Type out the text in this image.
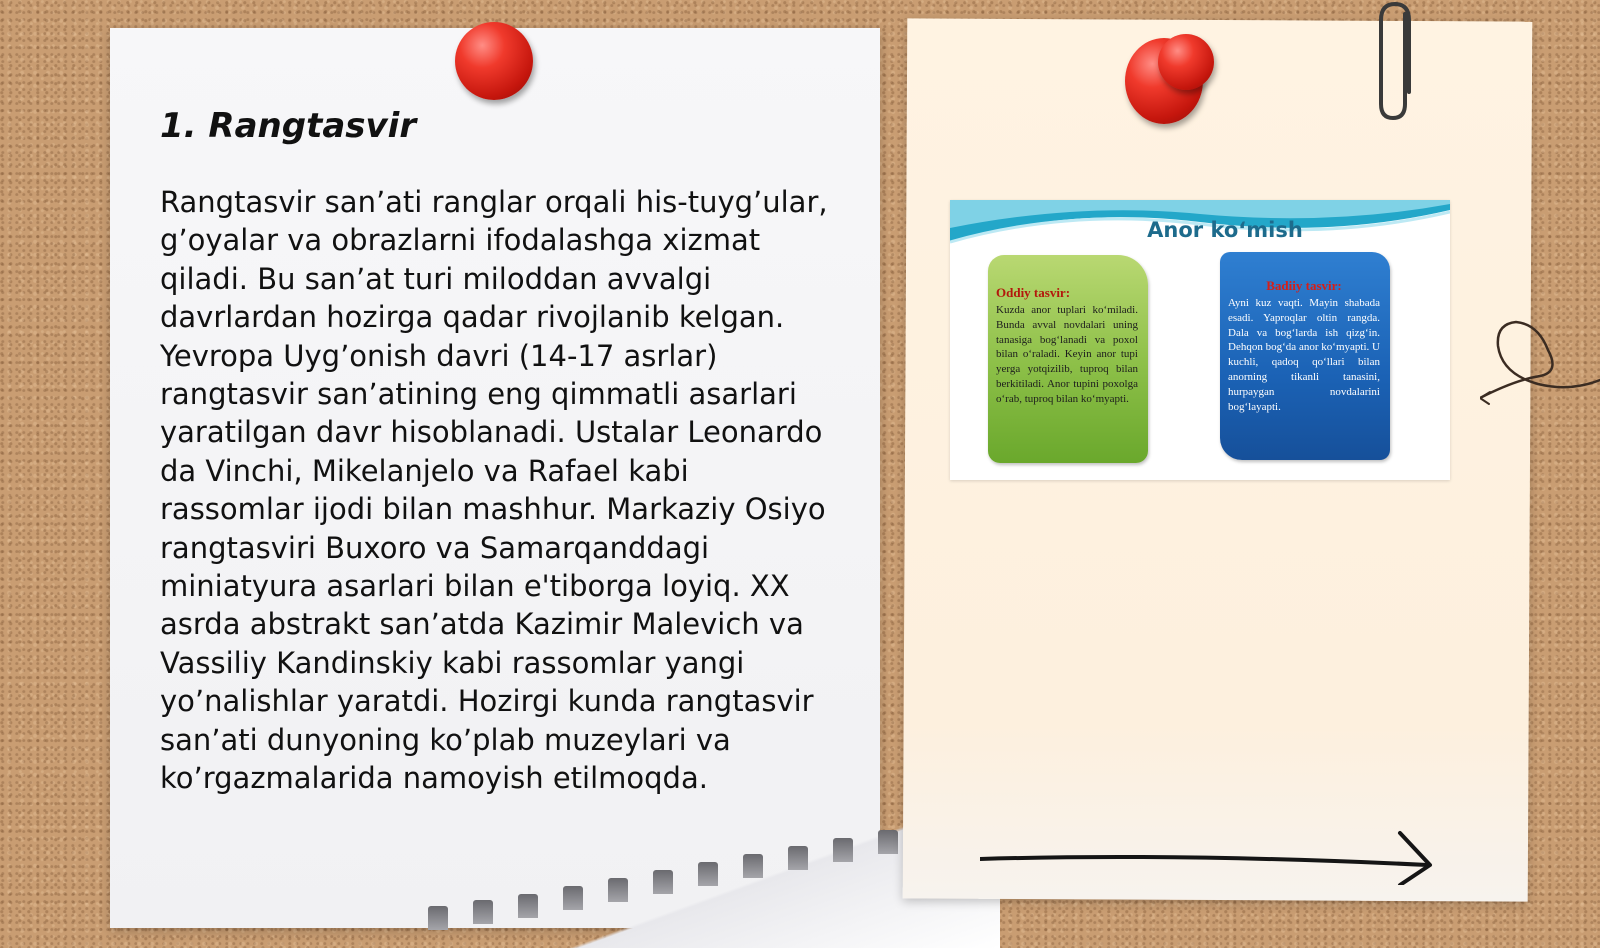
1. Rangtasvir

Rangtasvir san’ati ranglar orqali his-tuyg’ular, g’oyalar va obrazlarni ifodalashga xizmat qiladi. Bu san’at turi miloddan avvalgi davrlardan hozirga qadar rivojlanib kelgan. Yevropa Uyg’onish davri (14-17 asrlar) rangtasvir san’atining eng qimmatli asarlari yaratilgan davr hisoblanadi. Ustalar Leonardo da Vinchi, Mikelanjelo va Rafael kabi rassomlar ijodi bilan mashhur. Markaziy Osiyo rangtasviri Buxoro va Samarqanddagi miniatyura asarlari bilan e'tiborga loyiq. XX asrda abstrakt san’atda Kazimir Malevich va Vassiliy Kandinskiy kabi rassomlar yangi yo’nalishlar yaratdi. Hozirgi kunda rangtasvir san’ati dunyoning ko’plab muzeylari va ko’rgazmalarida namoyish etilmoqda.

Anor ko‘mish
Oddiy tasvir:
Kuzda anor tuplari ko‘miladi. Bunda avval novdalari uning tanasiga bog‘lanadi va poxol bilan o‘raladi. Keyin anor tupi yerga yotqizilib, tuproq bilan berkitiladi. Anor tupini poxolga o‘rab, tuproq bilan ko‘myapti.
Badiiy tasvir:
Ayni kuz vaqti. Mayin shabada esadi. Yaproqlar oltin rangda. Dala va bog‘larda ish qizg‘in. Dehqon bog‘da anor ko‘myapti. U kuchli, qadoq qo‘llari bilan anorning tikanli tanasini, hurpaygan novdalarini bog‘layapti.
